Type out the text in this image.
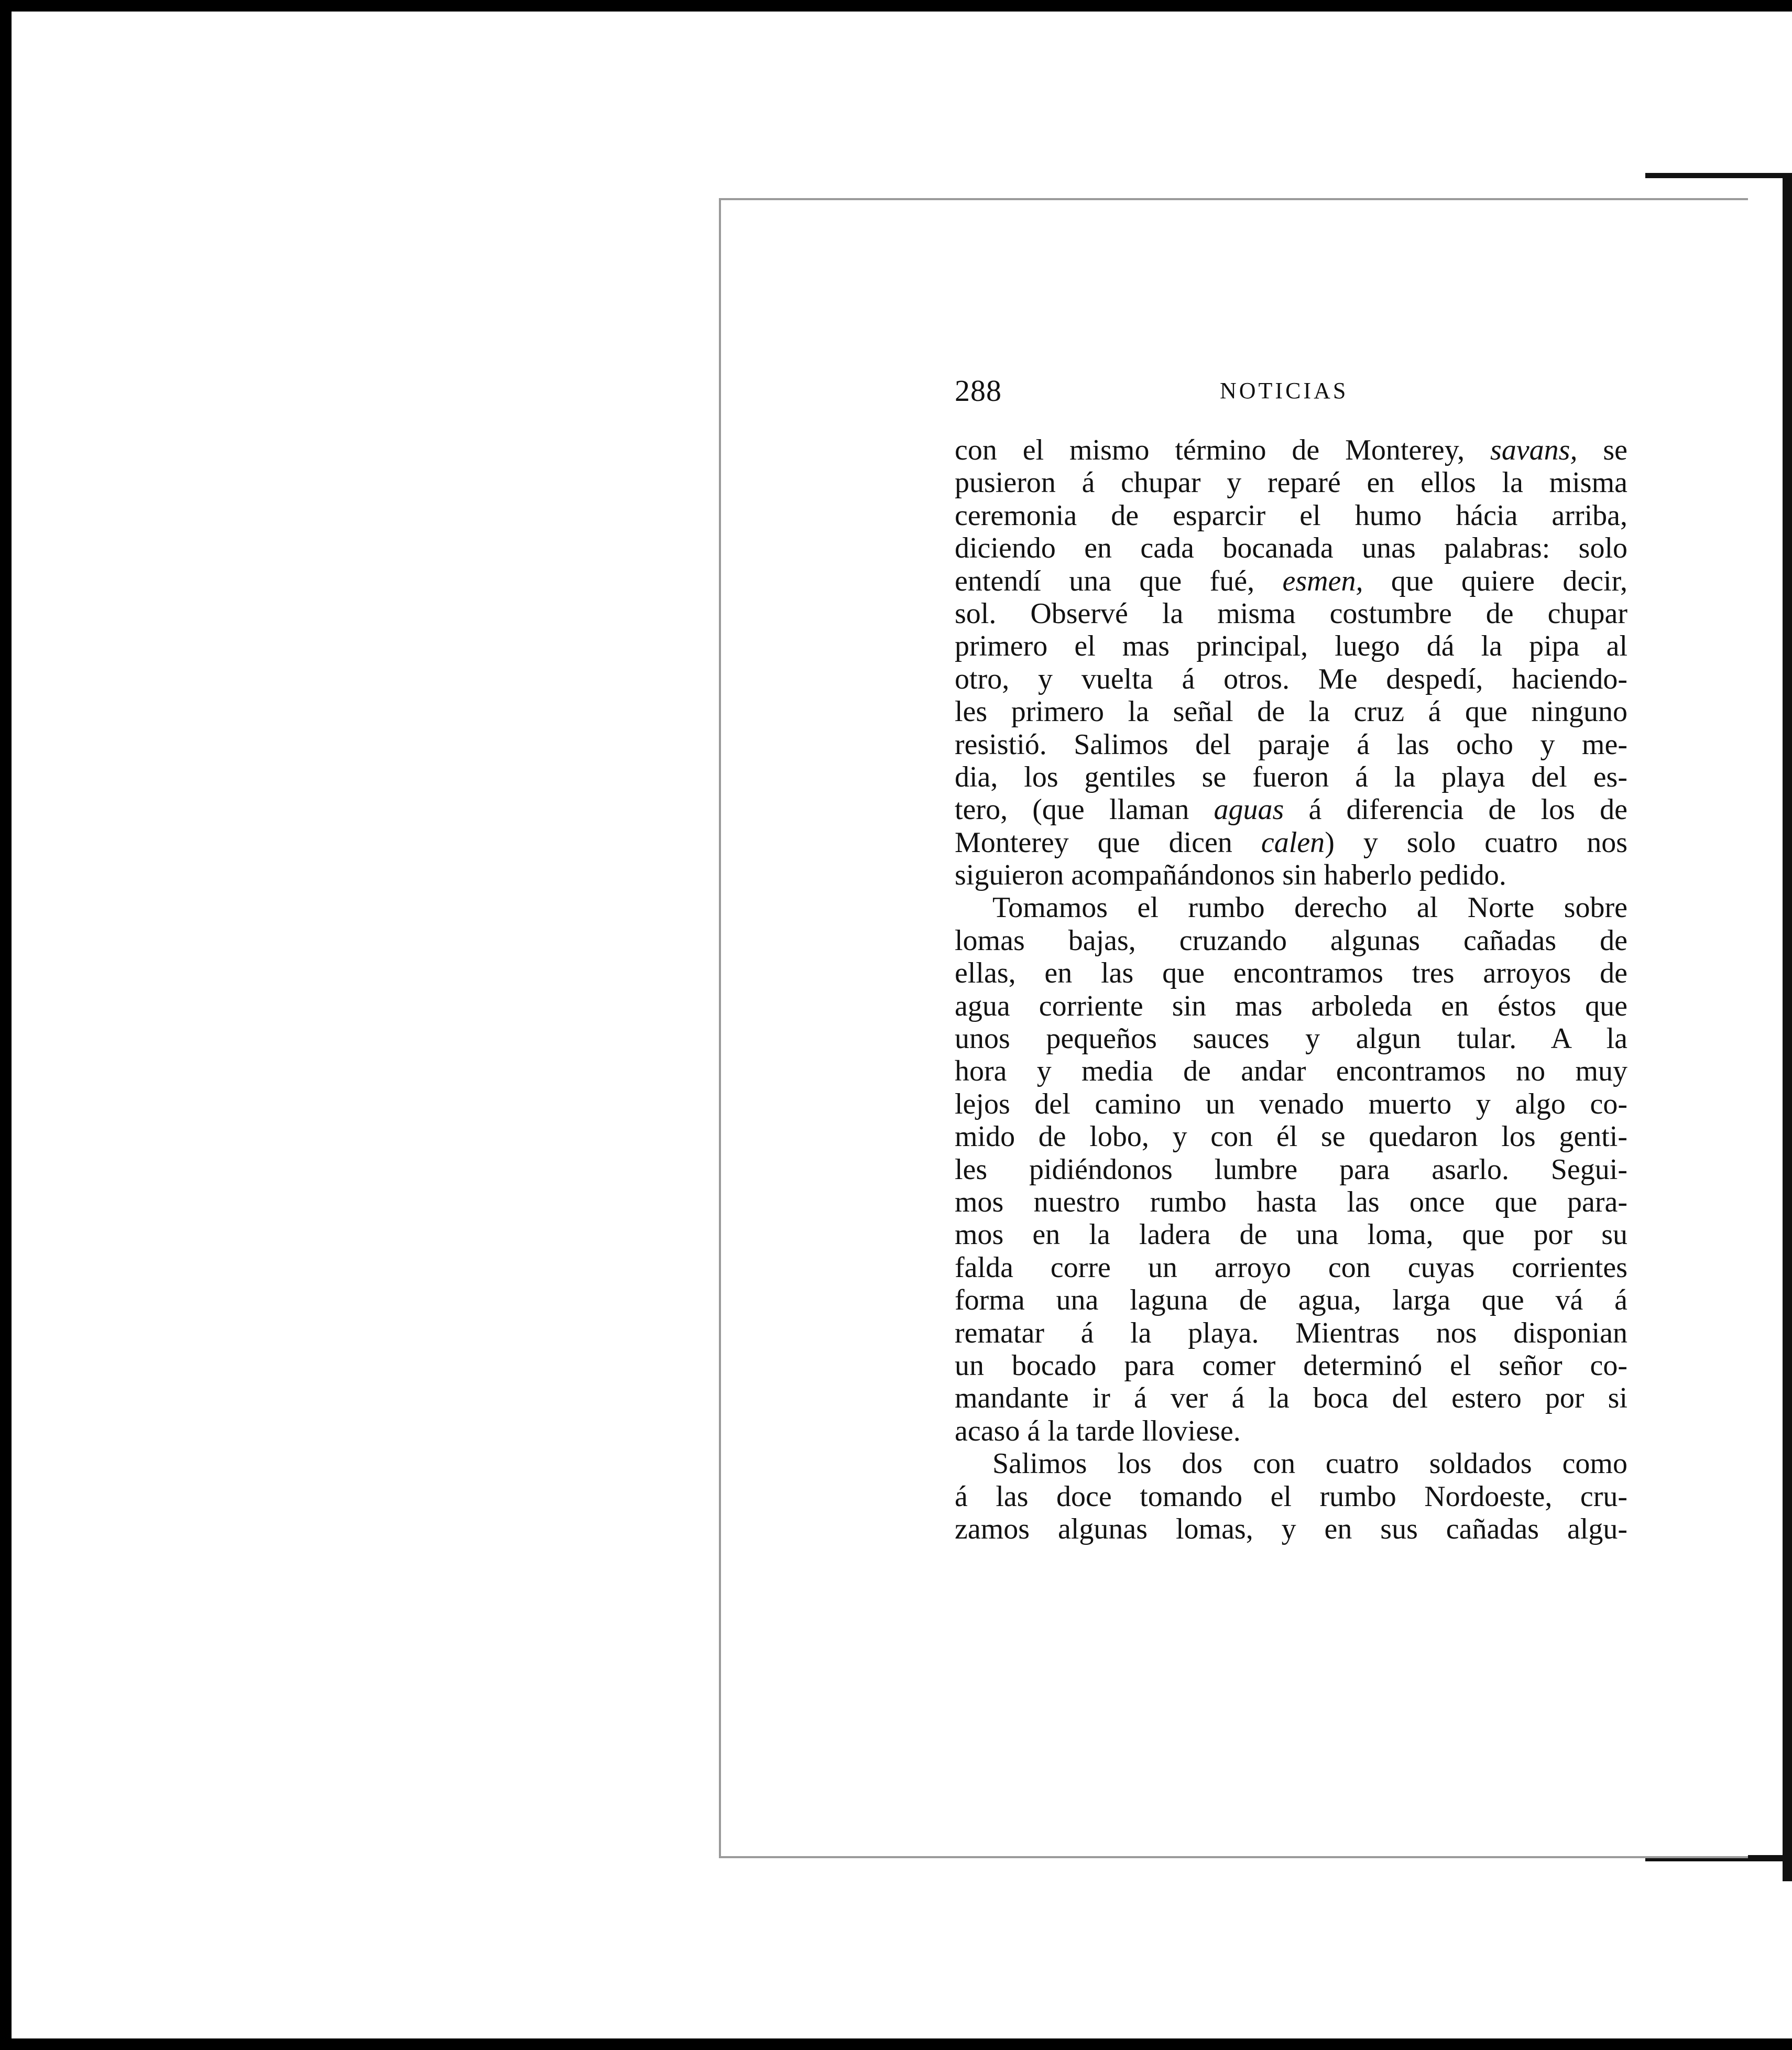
288	NOTICIAS
con el mismo término de Monterey, savans, se
pusieron á chupar y reparé en ellos la misma
ceremonia de esparcir el humo hácia arriba,
diciendo en cada bocanada unas palabras: solo
entendí una que fué, esmen, que quiere decir,
sol. Observé la misma costumbre de chupar
primero el mas principal, luego dá la pipa al
otro, y vuelta á otros. Me despedí, haciendo-
les primero la señal de la cruz á que ninguno
resistió. Salimos del paraje á las ocho y me-
dia, los gentiles se fueron á la playa del es-
tero, (que llaman aguas á diferencia de los de
Monterey que dicen calen) y solo cuatro nos
siguieron acompañándonos sin haberlo pedido.
Tomamos el rumbo derecho al Norte sobre
lomas bajas, cruzando algunas cañadas de
ellas, en las que encontramos tres arroyos de
agua corriente sin mas arboleda en éstos que
unos pequeños sauces y algun tular. A la
hora y media de andar encontramos no muy
lejos del camino un venado muerto y algo co-
mido de lobo, y con él se quedaron los genti-
les pidiéndonos lumbre para asarlo. Segui-
mos nuestro rumbo hasta las once que para-
mos en la ladera de una loma, que por su
falda corre un arroyo con cuyas corrientes
forma una laguna de agua, larga que vá á
rematar á la playa. Mientras nos disponian
un bocado para comer determinó el señor co-
mandante ir á ver á la boca del estero por si
acaso á la tarde lloviese.
Salimos los dos con cuatro soldados como
á las doce tomando el rumbo Nordoeste, cru-
zamos algunas lomas, y en sus cañadas algu-
